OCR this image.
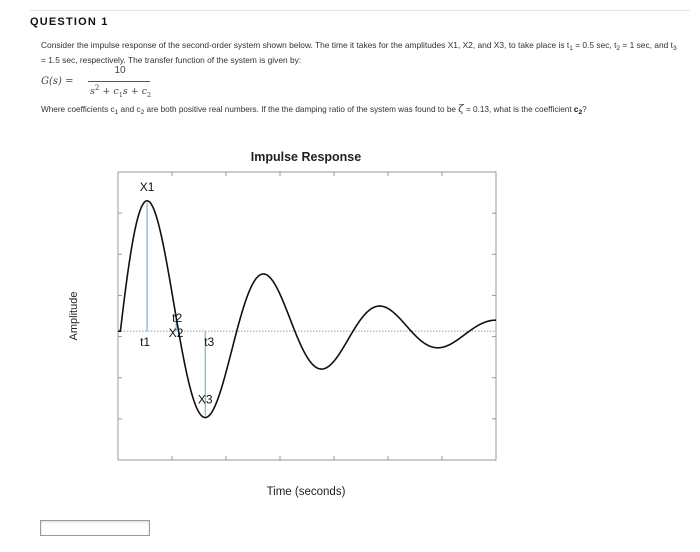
QUESTION 1
Consider the impulse response of the second-order system shown below. The time it takes for the amplitudes X1, X2, and X3, to take place is $t_1 = 0.5$ sec, $t_2 = 1$ sec, and $t_3 = 1.5$ sec, respectively. The transfer function of the system is given by:
G(s) =
10
$s^2 + c_1s + c_2$
Where coefficients $c_1$ and $c_2$ are both positive real numbers. If the the damping ratio of the system was found to be ζ = 0.13, what is the coefficient $c_2$?
Impulse Response
X1
X2
X3
t1
t2
t3
Time (seconds)
Amplitude
